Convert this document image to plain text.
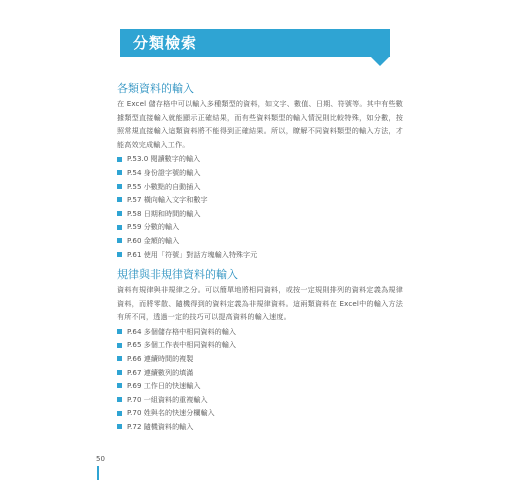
分類檢索
各類資料的輸入

在 Excel 儲存格中可以輸入多種類型的資料，如文字、數值、日期、符號等。其中有些數據類型直接輸入就能顯示正確結果，而有些資料類型的輸入情況則比較特殊，如分數，按照常規直接輸入這類資料將不能得到正確結果。所以，瞭解不同資料類型的輸入方法，才能高效完成輸入工作。

P.53.0 閱讀數字的輸入
P.54 身份證字號的輸入
P.55 小數點的自動插入
P.57 橫向輸入文字和數字
P.58 日期和時間的輸入
P.59 分數的輸入
P.60 金額的輸入
P.61 使用「符號」對話方塊輸入特殊字元
規律與非規律資料的輸入

資料有規律與非規律之分。可以簡單地將相同資料，或按一定規則排列的資料定義為規律資料，而將零散、隨機得到的資料定義為非規律資料。這兩類資料在 Excel中的輸入方法有所不同，透過一定的技巧可以提高資料的輸入速度。

P.64 多個儲存格中相同資料的輸入
P.65 多個工作表中相同資料的輸入
P.66 連續時間的複製
P.67 連續數列的填滿
P.69 工作日的快速輸入
P.70 一組資料的重複輸入
P.70 姓與名的快速分欄輸入
P.72 隨機資料的輸入
50
